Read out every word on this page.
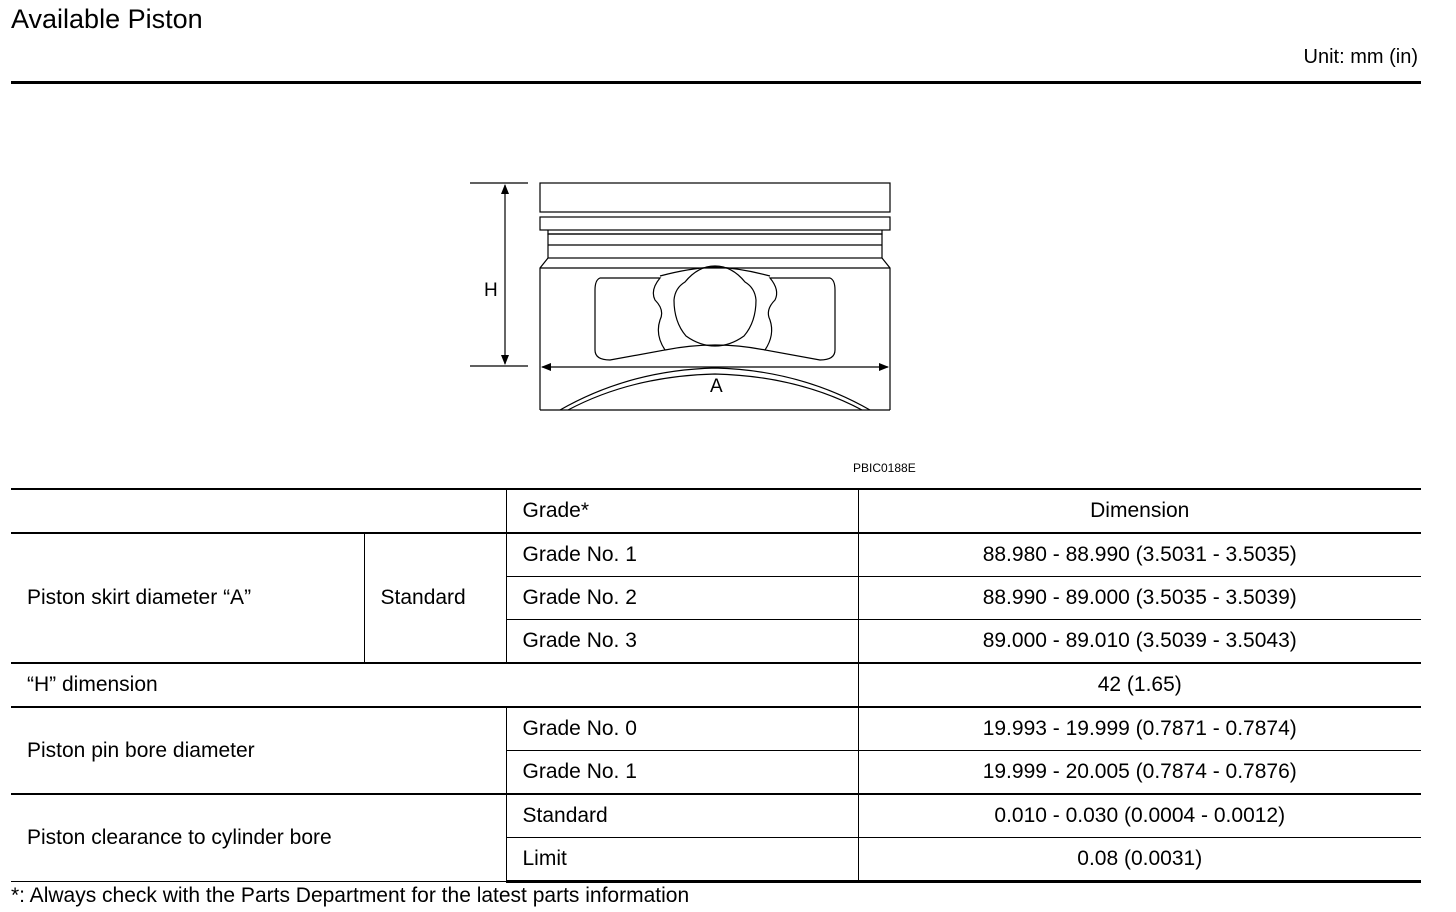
Available Piston
Unit: mm (in)
H
A
PBIC0188E
		Grade*	Dimension
Piston skirt diameter “A”	Standard	Grade No. 1	88.980 - 88.990 (3.5031 - 3.5035)
		Grade No. 2	88.990 - 89.000 (3.5035 - 3.5039)
		Grade No. 3	89.000 - 89.010 (3.5039 - 3.5043)
“H” dimension			42 (1.65)
Piston pin bore diameter		Grade No. 0	19.993 - 19.999 (0.7871 - 0.7874)
		Grade No. 1	19.999 - 20.005 (0.7874 - 0.7876)
Piston clearance to cylinder bore		Standard	0.010 - 0.030 (0.0004 - 0.0012)
		Limit	0.08 (0.0031)
*: Always check with the Parts Department for the latest parts information
